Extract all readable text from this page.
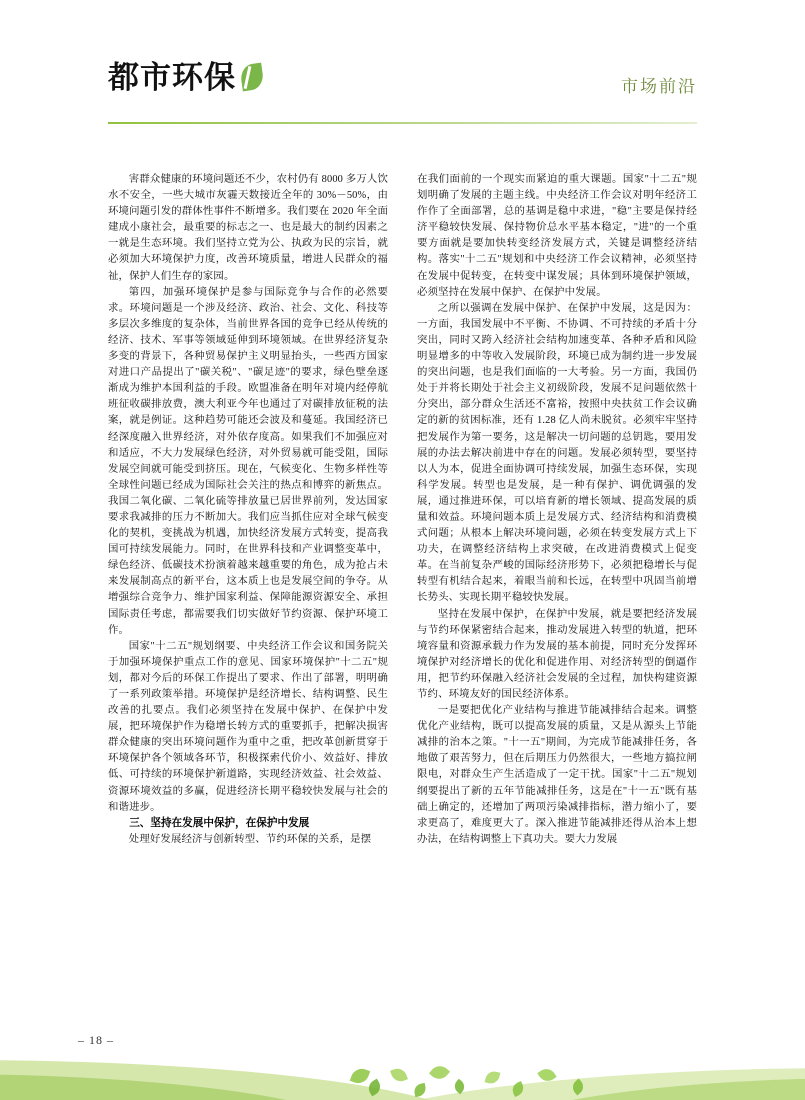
都市环保	市场前沿

害群众健康的环境问题还不少，农村仍有 8000 多万人饮水不安全，一些大城市灰霾天数接近全年的 30%－50%，由环境问题引发的群体性事件不断增多。我们要在 2020 年全面建成小康社会，最重要的标志之一、也是最大的制约因素之一就是生态环境。我们坚持立党为公、执政为民的宗旨，就必须加大环境保护力度，改善环境质量，增进人民群众的福祉，保护人们生存的家园。

第四，加强环境保护是参与国际竞争与合作的必然要求。环境问题是一个涉及经济、政治、社会、文化、科技等多层次多维度的复杂体，当前世界各国的竞争已经从传统的经济、技术、军事等领域延伸到环境领域。在世界经济复杂多变的背景下，各种贸易保护主义明显抬头，一些西方国家对进口产品提出了"碳关税"、"碳足迹"的要求，绿色壁垒逐渐成为维护本国利益的手段。欧盟准备在明年对境内经停航班征收碳排放费，澳大利亚今年也通过了对碳排放征税的法案，就是例证。这种趋势可能还会波及和蔓延。我国经济已经深度融入世界经济，对外依存度高。如果我们不加强应对和适应，不大力发展绿色经济，对外贸易就可能受阻，国际发展空间就可能受到挤压。现在，气候变化、生物多样性等全球性问题已经成为国际社会关注的热点和博弈的新焦点。我国二氧化碳、二氧化硫等排放量已居世界前列，发达国家要求我减排的压力不断加大。我们应当抓住应对全球气候变化的契机，变挑战为机遇，加快经济发展方式转变，提高我国可持续发展能力。同时，在世界科技和产业调整变革中，绿色经济、低碳技术扮演着越来越重要的角色，成为抢占未来发展制高点的新平台，这本质上也是发展空间的争夺。从增强综合竞争力、维护国家利益、保障能源资源安全、承担国际责任考虑，都需要我们切实做好节约资源、保护环境工作。

国家"十二五"规划纲要、中央经济工作会议和国务院关于加强环境保护重点工作的意见、国家环境保护"十二五"规划，都对今后的环保工作提出了要求、作出了部署，明明确了一系列政策举措。环境保护是经济增长、结构调整、民生改善的扎要点。我们必须坚持在发展中保护、在保护中发展，把环境保护作为稳增长转方式的重要抓手，把解决损害群众健康的突出环境问题作为重中之重，把改革创新贯穿于环境保护各个领域各环节，积极探索代价小、效益好、排放低、可持续的环境保护新道路，实现经济效益、社会效益、资源环境效益的多赢，促进经济长期平稳较快发展与社会的和谐进步。

三、坚持在发展中保护，在保护中发展

处理好发展经济与创新转型、节约环保的关系，是摆

在我们面前的一个现实而紧迫的重大课题。国家"十二五"规划明确了发展的主题主线。中央经济工作会议对明年经济工作作了全面部署，总的基调是稳中求进，"稳"主要是保持经济平稳较快发展、保持物价总水平基本稳定，"进"的一个重要方面就是要加快转变经济发展方式，关键是调整经济结构。落实"十二五"规划和中央经济工作会议精神，必须坚持在发展中促转变，在转变中谋发展；具体到环境保护领域，必须坚持在发展中保护、在保护中发展。

之所以强调在发展中保护、在保护中发展，这是因为：一方面，我国发展中不平衡、不协调、不可持续的矛盾十分突出，同时又跨入经济社会结构加速变革、各种矛盾和风险明显增多的中等收入发展阶段，环境已成为制约进一步发展的突出问题，也是我们面临的一大考验。另一方面，我国仍处于并将长期处于社会主义初级阶段，发展不足问题依然十分突出，部分群众生活还不富裕，按照中央扶贫工作会议确定的新的贫困标准，还有 1.28 亿人尚未脱贫。必须牢牢坚持把发展作为第一要务，这是解决一切问题的总钥匙，要用发展的办法去解决前进中存在的问题。发展必须转型，要坚持以人为本，促进全面协调可持续发展，加强生态环保，实现科学发展。转型也是发展，是一种有保护、调优调强的发展，通过推进环保，可以培育新的增长领域、提高发展的质量和效益。环境问题本质上是发展方式、经济结构和消费模式问题；从根本上解决环境问题，必须在转变发展方式上下功夫，在调整经济结构上求突破，在改进消费模式上促变革。在当前复杂严峻的国际经济形势下，必须把稳增长与促转型有机结合起来，着眼当前和长远，在转型中巩固当前增长势头、实现长期平稳较快发展。

坚持在发展中保护，在保护中发展，就是要把经济发展与节约环保紧密结合起来，推动发展进入转型的轨道，把环境容量和资源承载力作为发展的基本前提，同时充分发挥环境保护对经济增长的优化和促进作用、对经济转型的倒逼作用，把节约环保融入经济社会发展的全过程，加快构建资源节约、环境友好的国民经济体系。

一是要把优化产业结构与推进节能减排结合起来。调整优化产业结构，既可以提高发展的质量，又是从源头上节能减排的治本之策。"十一五"期间，为完成节能减排任务，各地做了艰苦努力，但在后期压力仍然很大，一些地方搞拉闸限电，对群众生产生活造成了一定干扰。国家"十二五"规划纲要提出了新的五年节能减排任务，这是在"十一五"既有基础上确定的，还增加了两项污染减排指标，潜力缩小了，要求更高了，难度更大了。深入推进节能减排还得从治本上想办法，在结构调整上下真功夫。要大力发展

– 18 –
